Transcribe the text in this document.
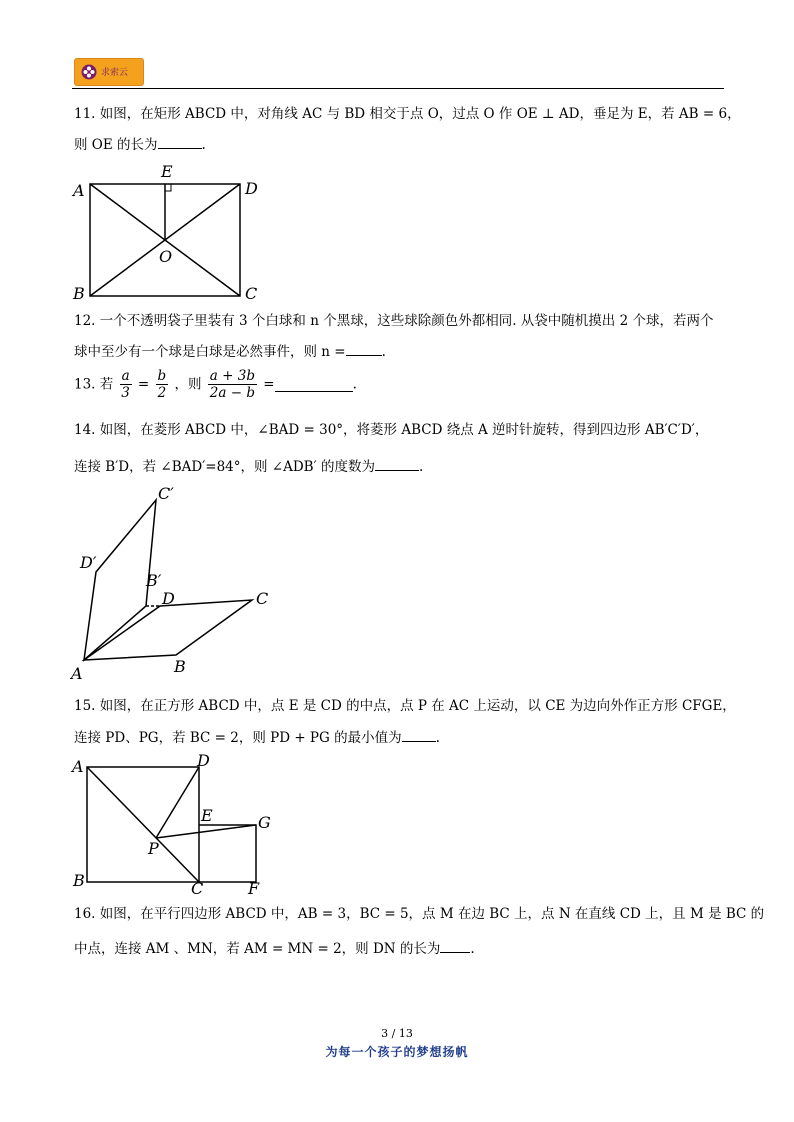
求索云
11. 如图，在矩形 ABCD 中，对角线 AC 与 BD 相交于点 O，过点 O 作 OE ⊥ AD，垂足为 E，若 AB = 6，
则 OE 的长为	.
A	D
E
O
B	C
12. 一个不透明袋子里装有 3 个白球和 n 个黑球，这些球除颜色外都相同. 从袋中随机摸出 2 个球，若两个
球中至少有一个球是白球是必然事件，则 n =	.
13. 若 $\frac{a}{3} = \frac{b}{2}$ ，则 $\frac{a + 3b}{2a - b}$ =	.
14. 如图，在菱形 ABCD 中，∠BAD = 30°，将菱形 ABCD 绕点 A 逆时针旋转，得到四边形 AB′C′D′，
连接 B′D，若 ∠BAD′=84°，则 ∠ADB′ 的度数为	.
C′
D′
B′
D	C
B
A
15. 如图，在正方形 ABCD 中，点 E 是 CD 的中点，点 P 在 AC 上运动，以 CE 为边向外作正方形 CFGE，
连接 PD、PG，若 BC = 2，则 PD + PG 的最小值为	.
A	D
E	G
P
B	C	F
16. 如图，在平行四边形 ABCD 中，AB = 3，BC = 5，点 M 在边 BC 上，点 N 在直线 CD 上，且 M 是 BC 的
中点，连接 AM 、MN，若 AM = MN = 2，则 DN 的长为 .
3 / 13
为每一个孩子的梦想扬帆
